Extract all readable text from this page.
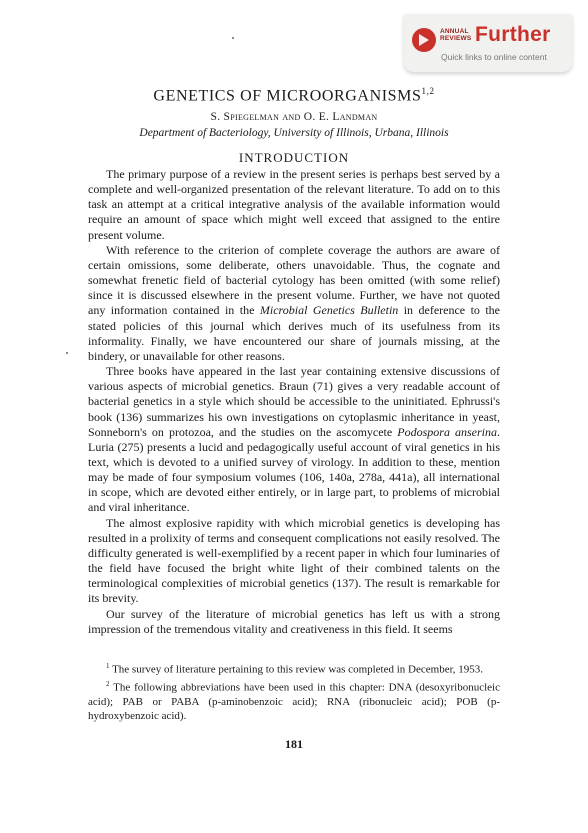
ANNUAL
REVIEWS Further
Quick links to online content
GENETICS OF MICROORGANISMS$^{1,2}$
S. Spiegelman and O. E. Landman
Department of Bacteriology, University of Illinois, Urbana, Illinois
INTRODUCTION

The primary purpose of a review in the present series is perhaps best served by a complete and well-organized presentation of the relevant literature. To add on to this task an attempt at a critical integrative analysis of the available information would require an amount of space which might well exceed that assigned to the entire present volume.

With reference to the criterion of complete coverage the authors are aware of certain omissions, some deliberate, others unavoidable. Thus, the cognate and somewhat frenetic field of bacterial cytology has been omitted (with some relief) since it is discussed elsewhere in the present volume. Further, we have not quoted any information contained in the Microbial Genetics Bulletin in deference to the stated policies of this journal which derives much of its usefulness from its informality. Finally, we have encountered our share of journals missing, at the bindery, or unavailable for other reasons.

Three books have appeared in the last year containing extensive discussions of various aspects of microbial genetics. Braun (71) gives a very readable account of bacterial genetics in a style which should be accessible to the uninitiated. Ephrussi's book (136) summarizes his own investigations on cytoplasmic inheritance in yeast, Sonneborn's on protozoa, and the studies on the ascomycete Podospora anserina. Luria (275) presents a lucid and pedagogically useful account of viral genetics in his text, which is devoted to a unified survey of virology. In addition to these, mention may be made of four symposium volumes (106, 140a, 278a, 441a), all international in scope, which are devoted either entirely, or in large part, to problems of microbial and viral inheritance.

The almost explosive rapidity with which microbial genetics is developing has resulted in a prolixity of terms and consequent complications not easily resolved. The difficulty generated is well-exemplified by a recent paper in which four luminaries of the field have focused the bright white light of their combined talents on the terminological complexities of microbial genetics (137). The result is remarkable for its brevity.

Our survey of the literature of microbial genetics has left us with a strong impression of the tremendous vitality and creativeness in this field. It seems

$^1$ The survey of literature pertaining to this review was completed in December, 1953.

$^2$ The following abbreviations have been used in this chapter: DNA (desoxyribonucleic acid); PAB or PABA (p-aminobenzoic acid); RNA (ribonucleic acid); POB (p-hydroxybenzoic acid).

181
